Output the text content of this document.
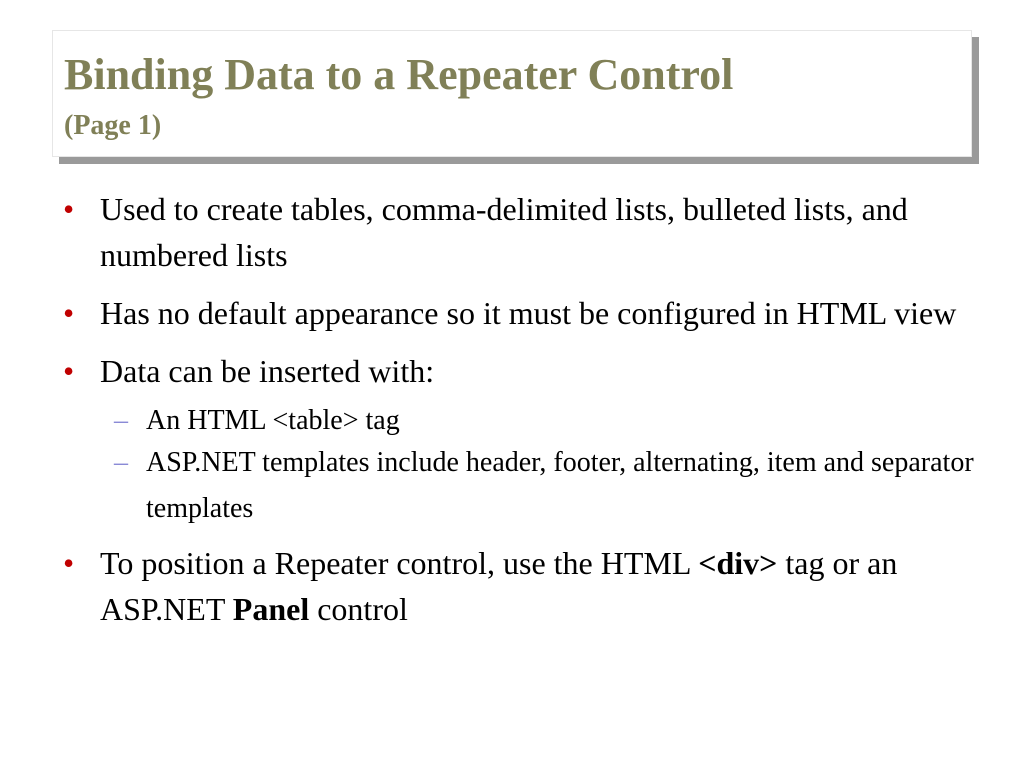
Binding Data to a Repeater Control
(Page 1)
• Used to create tables, comma-delimited lists, bulleted lists, and numbered lists
• Has no default appearance so it must be configured in HTML view
• Data can be inserted with:
– An HTML <table> tag
– ASP.NET templates include header, footer, alternating, item and separator templates
• To position a Repeater control, use the HTML <div> tag or an ASP.NET Panel control
